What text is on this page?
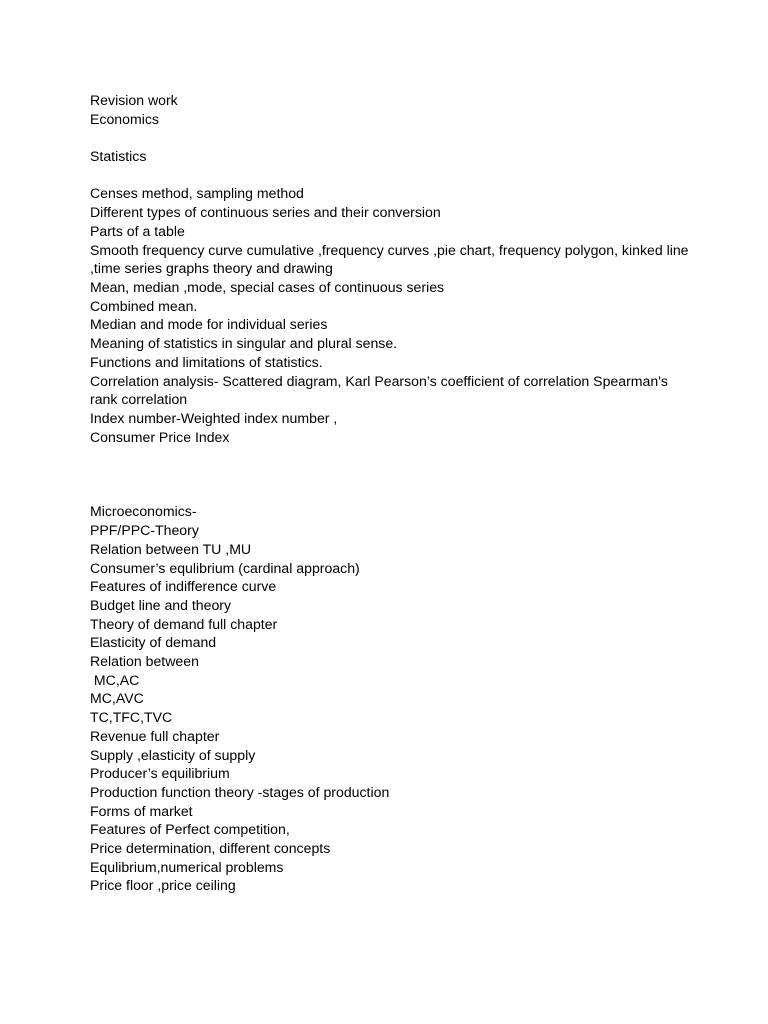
Revision work

Economics

Statistics

Censes method, sampling method

Different types of continuous series and their conversion

Parts of a table

Smooth frequency curve cumulative ,frequency curves ,pie chart, frequency polygon, kinked line ,time series graphs theory and drawing

Mean, median ,mode, special cases of continuous series

Combined mean.

Median and mode for individual series

Meaning of statistics in singular and plural sense.

Functions and limitations of statistics.

Correlation analysis- Scattered diagram, Karl Pearson’s coefficient of correlation Spearman's rank correlation

Index number-Weighted index number ,

Consumer Price Index

Microeconomics-

PPF/PPC-Theory

Relation between TU ,MU

Consumer’s equlibrium (cardinal approach)

Features of indifference curve

Budget line and theory

Theory of demand full chapter

Elasticity of demand

Relation between

MC,AC

MC,AVC

TC,TFC,TVC

Revenue full chapter

Supply ,elasticity of supply

Producer’s equilibrium

Production function theory -stages of production

Forms of market

Features of Perfect competition,

Price determination, different concepts

Equlibrium,numerical problems

Price floor ,price ceiling
